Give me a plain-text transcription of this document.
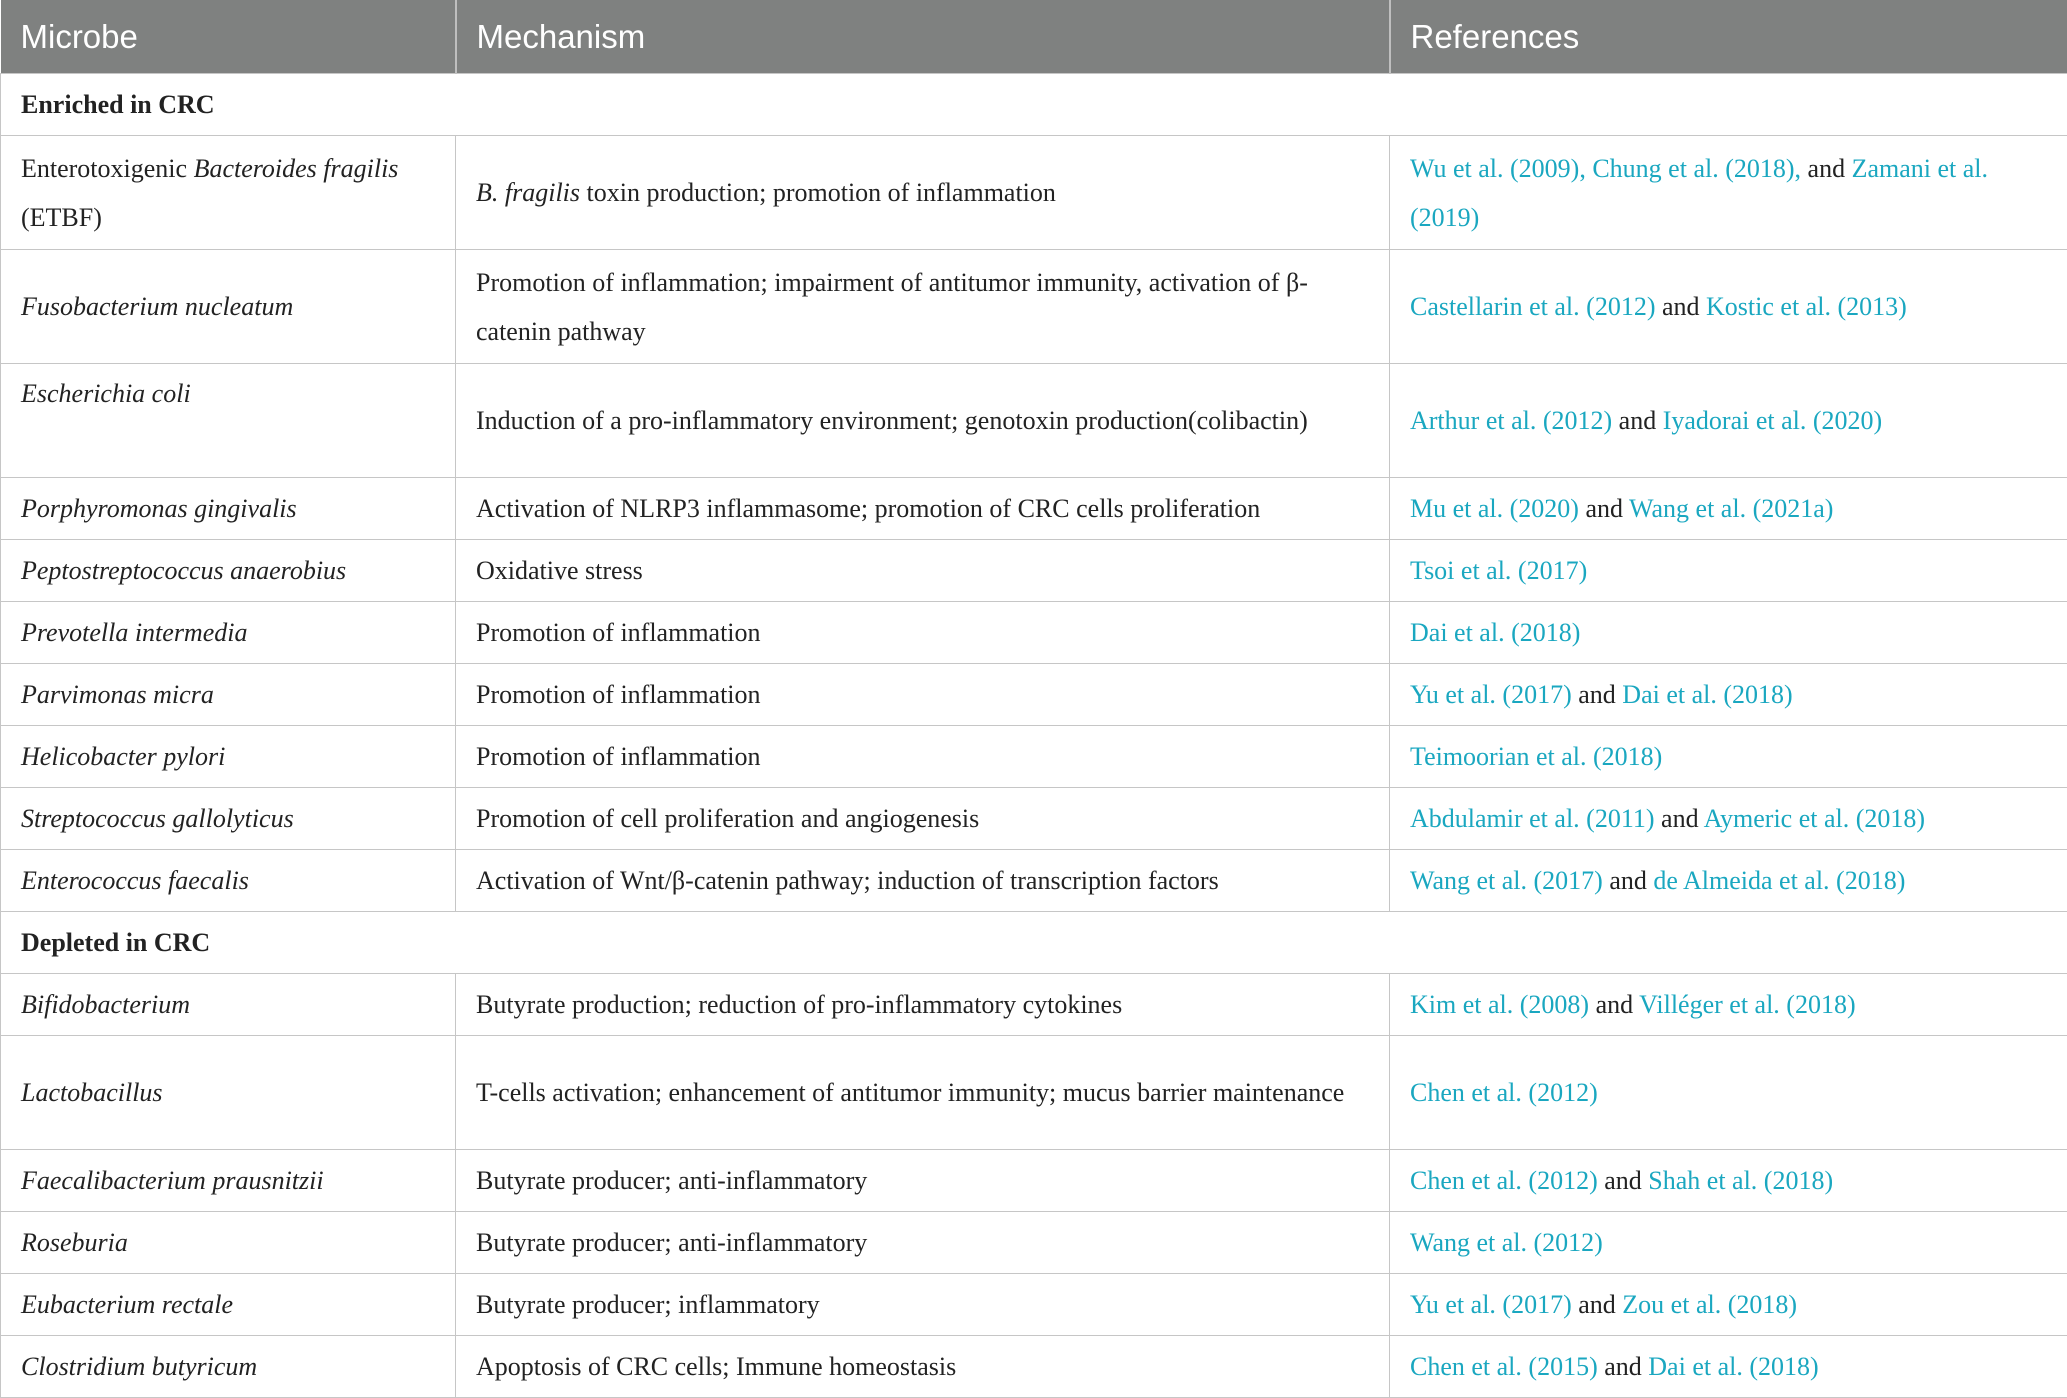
Microbe	Mechanism	References
Enriched in CRC		
Enterotoxigenic Bacteroides fragilis (ETBF)	B. fragilis toxin production; promotion of inflammation	Wu et al. (2009), Chung et al. (2018), and Zamani et al. (2019)
Fusobacterium nucleatum	Promotion of inflammation; impairment of antitumor immunity, activation of β-catenin pathway	Castellarin et al. (2012) and Kostic et al. (2013)
Escherichia coli	Induction of a pro-inflammatory environment; genotoxin production(colibactin)	Arthur et al. (2012) and Iyadorai et al. (2020)
Porphyromonas gingivalis	Activation of NLRP3 inflammasome; promotion of CRC cells proliferation	Mu et al. (2020) and Wang et al. (2021a)
Peptostreptococcus anaerobius	Oxidative stress	Tsoi et al. (2017)
Prevotella intermedia	Promotion of inflammation	Dai et al. (2018)
Parvimonas micra	Promotion of inflammation	Yu et al. (2017) and Dai et al. (2018)
Helicobacter pylori	Promotion of inflammation	Teimoorian et al. (2018)
Streptococcus gallolyticus	Promotion of cell proliferation and angiogenesis	Abdulamir et al. (2011) and Aymeric et al. (2018)
Enterococcus faecalis	Activation of Wnt/β-catenin pathway; induction of transcription factors	Wang et al. (2017) and de Almeida et al. (2018)
Depleted in CRC		
Bifidobacterium	Butyrate production; reduction of pro-inflammatory cytokines	Kim et al. (2008) and Villéger et al. (2018)
Lactobacillus	T-cells activation; enhancement of antitumor immunity; mucus barrier maintenance	Chen et al. (2012)
Faecalibacterium prausnitzii	Butyrate producer; anti-inflammatory	Chen et al. (2012) and Shah et al. (2018)
Roseburia	Butyrate producer; anti-inflammatory	Wang et al. (2012)
Eubacterium rectale	Butyrate producer; inflammatory	Yu et al. (2017) and Zou et al. (2018)
Clostridium butyricum	Apoptosis of CRC cells; Immune homeostasis	Chen et al. (2015) and Dai et al. (2018)
